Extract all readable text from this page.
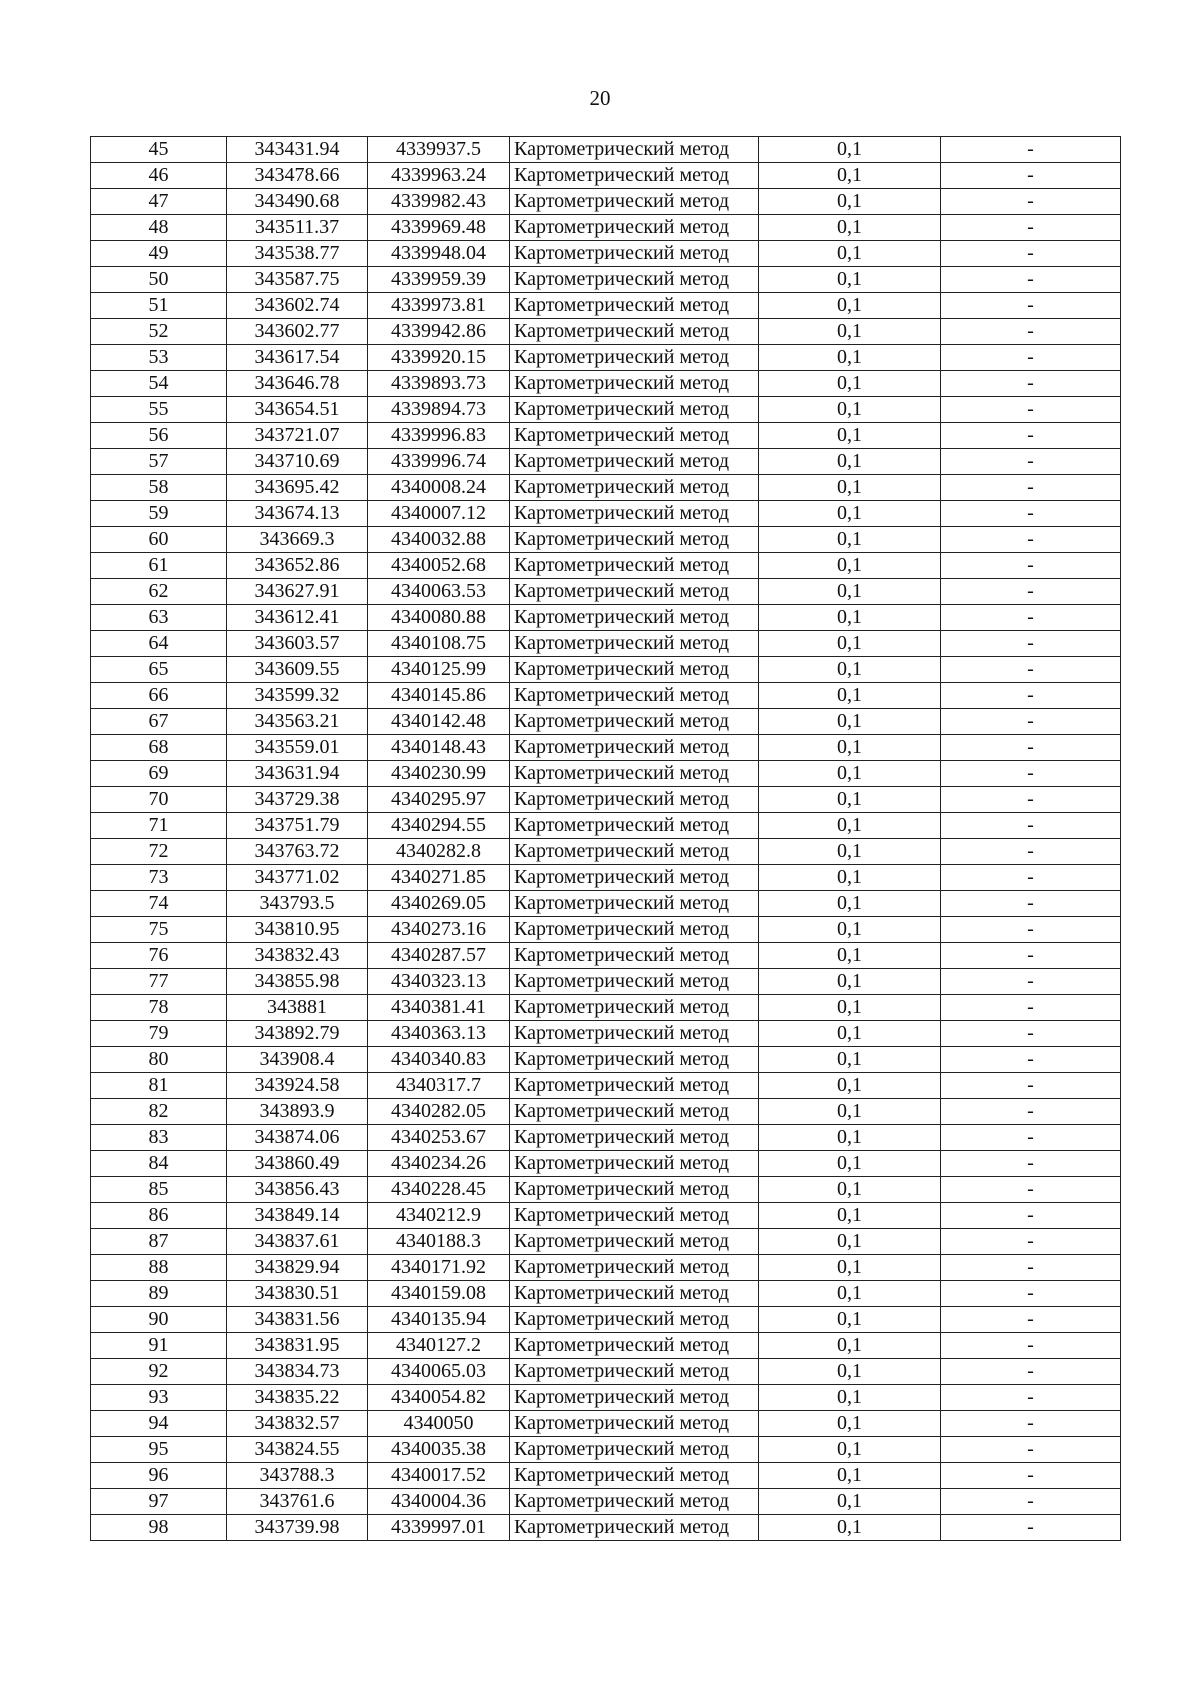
20
45	343431.94	4339937.5	Картометрический метод	0,1	-
46	343478.66	4339963.24	Картометрический метод	0,1	-
47	343490.68	4339982.43	Картометрический метод	0,1	-
48	343511.37	4339969.48	Картометрический метод	0,1	-
49	343538.77	4339948.04	Картометрический метод	0,1	-
50	343587.75	4339959.39	Картометрический метод	0,1	-
51	343602.74	4339973.81	Картометрический метод	0,1	-
52	343602.77	4339942.86	Картометрический метод	0,1	-
53	343617.54	4339920.15	Картометрический метод	0,1	-
54	343646.78	4339893.73	Картометрический метод	0,1	-
55	343654.51	4339894.73	Картометрический метод	0,1	-
56	343721.07	4339996.83	Картометрический метод	0,1	-
57	343710.69	4339996.74	Картометрический метод	0,1	-
58	343695.42	4340008.24	Картометрический метод	0,1	-
59	343674.13	4340007.12	Картометрический метод	0,1	-
60	343669.3	4340032.88	Картометрический метод	0,1	-
61	343652.86	4340052.68	Картометрический метод	0,1	-
62	343627.91	4340063.53	Картометрический метод	0,1	-
63	343612.41	4340080.88	Картометрический метод	0,1	-
64	343603.57	4340108.75	Картометрический метод	0,1	-
65	343609.55	4340125.99	Картометрический метод	0,1	-
66	343599.32	4340145.86	Картометрический метод	0,1	-
67	343563.21	4340142.48	Картометрический метод	0,1	-
68	343559.01	4340148.43	Картометрический метод	0,1	-
69	343631.94	4340230.99	Картометрический метод	0,1	-
70	343729.38	4340295.97	Картометрический метод	0,1	-
71	343751.79	4340294.55	Картометрический метод	0,1	-
72	343763.72	4340282.8	Картометрический метод	0,1	-
73	343771.02	4340271.85	Картометрический метод	0,1	-
74	343793.5	4340269.05	Картометрический метод	0,1	-
75	343810.95	4340273.16	Картометрический метод	0,1	-
76	343832.43	4340287.57	Картометрический метод	0,1	-
77	343855.98	4340323.13	Картометрический метод	0,1	-
78	343881	4340381.41	Картометрический метод	0,1	-
79	343892.79	4340363.13	Картометрический метод	0,1	-
80	343908.4	4340340.83	Картометрический метод	0,1	-
81	343924.58	4340317.7	Картометрический метод	0,1	-
82	343893.9	4340282.05	Картометрический метод	0,1	-
83	343874.06	4340253.67	Картометрический метод	0,1	-
84	343860.49	4340234.26	Картометрический метод	0,1	-
85	343856.43	4340228.45	Картометрический метод	0,1	-
86	343849.14	4340212.9	Картометрический метод	0,1	-
87	343837.61	4340188.3	Картометрический метод	0,1	-
88	343829.94	4340171.92	Картометрический метод	0,1	-
89	343830.51	4340159.08	Картометрический метод	0,1	-
90	343831.56	4340135.94	Картометрический метод	0,1	-
91	343831.95	4340127.2	Картометрический метод	0,1	-
92	343834.73	4340065.03	Картометрический метод	0,1	-
93	343835.22	4340054.82	Картометрический метод	0,1	-
94	343832.57	4340050	Картометрический метод	0,1	-
95	343824.55	4340035.38	Картометрический метод	0,1	-
96	343788.3	4340017.52	Картометрический метод	0,1	-
97	343761.6	4340004.36	Картометрический метод	0,1	-
98	343739.98	4339997.01	Картометрический метод	0,1	-
